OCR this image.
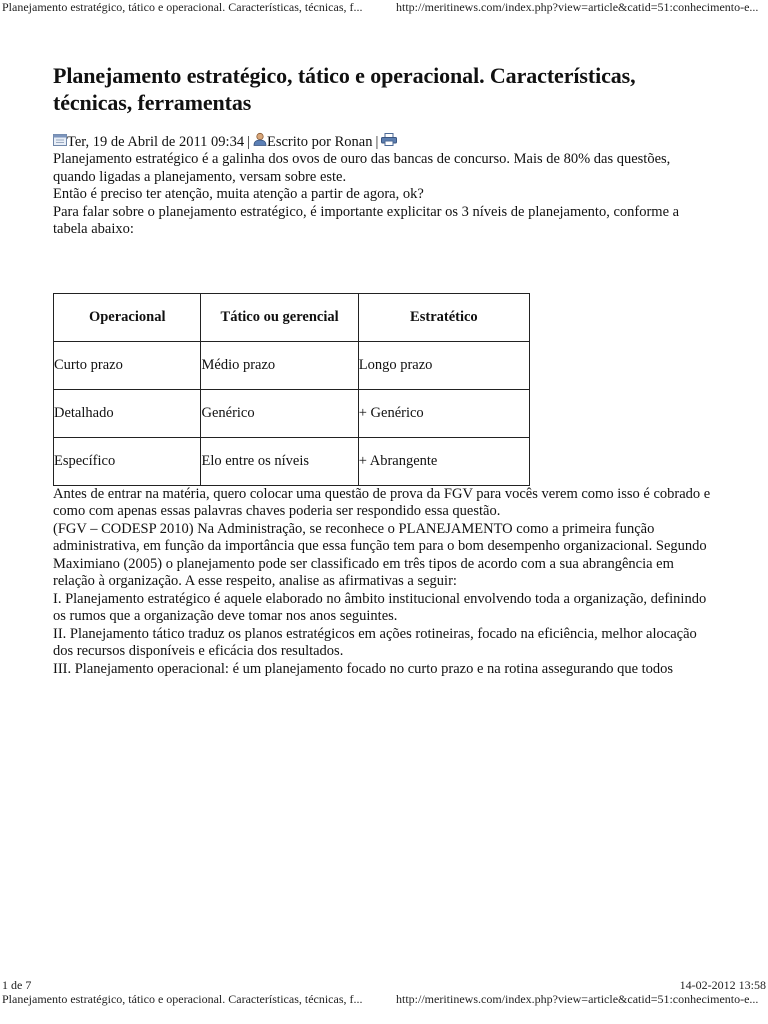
Planejamento estratégico, tático e operacional. Características, técnicas, f...	http://meritinews.com/index.php?view=article&catid=51:conhecimento-e...
Planejamento estratégico, tático e operacional. Características, técnicas, ferramentas
Ter, 19 de Abril de 2011 09:34 | Escrito por Ronan |

Planejamento estratégico é a galinha dos ovos de ouro das bancas de concurso. Mais de 80% das questões, quando ligadas a planejamento, versam sobre este.

Então é preciso ter atenção, muita atenção a partir de agora, ok?

Para falar sobre o planejamento estratégico, é importante explicitar os 3 níveis de planejamento, conforme a tabela abaixo:

Operacional	Tático ou gerencial	Estratético
Curto prazo	Médio prazo	Longo prazo
Detalhado	Genérico	+ Genérico
Específico	Elo entre os níveis	+ Abrangente

Antes de entrar na matéria, quero colocar uma questão de prova da FGV para vocês verem como isso é cobrado e como com apenas essas palavras chaves poderia ser respondido essa questão.

(FGV – CODESP 2010) Na Administração, se reconhece o PLANEJAMENTO como a primeira função administrativa, em função da importância que essa função tem para o bom desempenho organizacional. Segundo Maximiano (2005) o planejamento pode ser classificado em três tipos de acordo com a sua abrangência em relação à organização. A esse respeito, analise as afirmativas a seguir:

I. Planejamento estratégico é aquele elaborado no âmbito institucional envolvendo toda a organização, definindo os rumos que a organização deve tomar nos anos seguintes.

II. Planejamento tático traduz os planos estratégicos em ações rotineiras, focado na eficiência, melhor alocação dos recursos disponíveis e eficácia dos resultados.

III. Planejamento operacional: é um planejamento focado no curto prazo e na rotina assegurando que todos

1 de 7	14-02-2012 13:58
Planejamento estratégico, tático e operacional. Características, técnicas, f...	http://meritinews.com/index.php?view=article&catid=51:conhecimento-e...
